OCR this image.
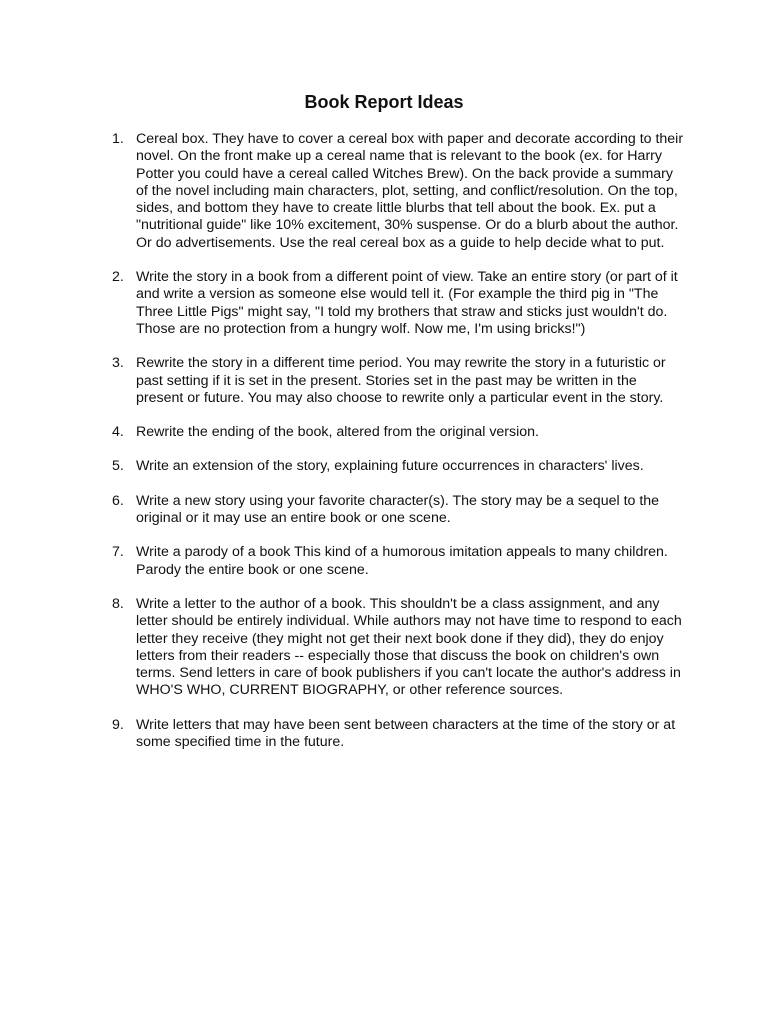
Book Report Ideas
1. Cereal box. They have to cover a cereal box with paper and decorate according to their novel. On the front make up a cereal name that is relevant to the book (ex. for Harry Potter you could have a cereal called Witches Brew). On the back provide a summary of the novel including main characters, plot, setting, and conflict/resolution. On the top, sides, and bottom they have to create little blurbs that tell about the book. Ex. put a "nutritional guide" like 10% excitement, 30% suspense. Or do a blurb about the author. Or do advertisements. Use the real cereal box as a guide to help decide what to put.
2. Write the story in a book from a different point of view. Take an entire story (or part of it and write a version as someone else would tell it. (For example the third pig in "The Three Little Pigs" might say, "I told my brothers that straw and sticks just wouldn't do. Those are no protection from a hungry wolf. Now me, I'm using bricks!")
3. Rewrite the story in a different time period. You may rewrite the story in a futuristic or past setting if it is set in the present. Stories set in the past may be written in the present or future. You may also choose to rewrite only a particular event in the story.
4. Rewrite the ending of the book, altered from the original version.
5. Write an extension of the story, explaining future occurrences in characters' lives.
6. Write a new story using your favorite character(s). The story may be a sequel to the original or it may use an entire book or one scene.
7. Write a parody of a book This kind of a humorous imitation appeals to many children. Parody the entire book or one scene.
8. Write a letter to the author of a book. This shouldn't be a class assignment, and any letter should be entirely individual. While authors may not have time to respond to each letter they receive (they might not get their next book done if they did), they do enjoy letters from their readers -- especially those that discuss the book on children's own terms. Send letters in care of book publishers if you can't locate the author's address in WHO'S WHO, CURRENT BIOGRAPHY, or other reference sources.
9. Write letters that may have been sent between characters at the time of the story or at some specified time in the future.
